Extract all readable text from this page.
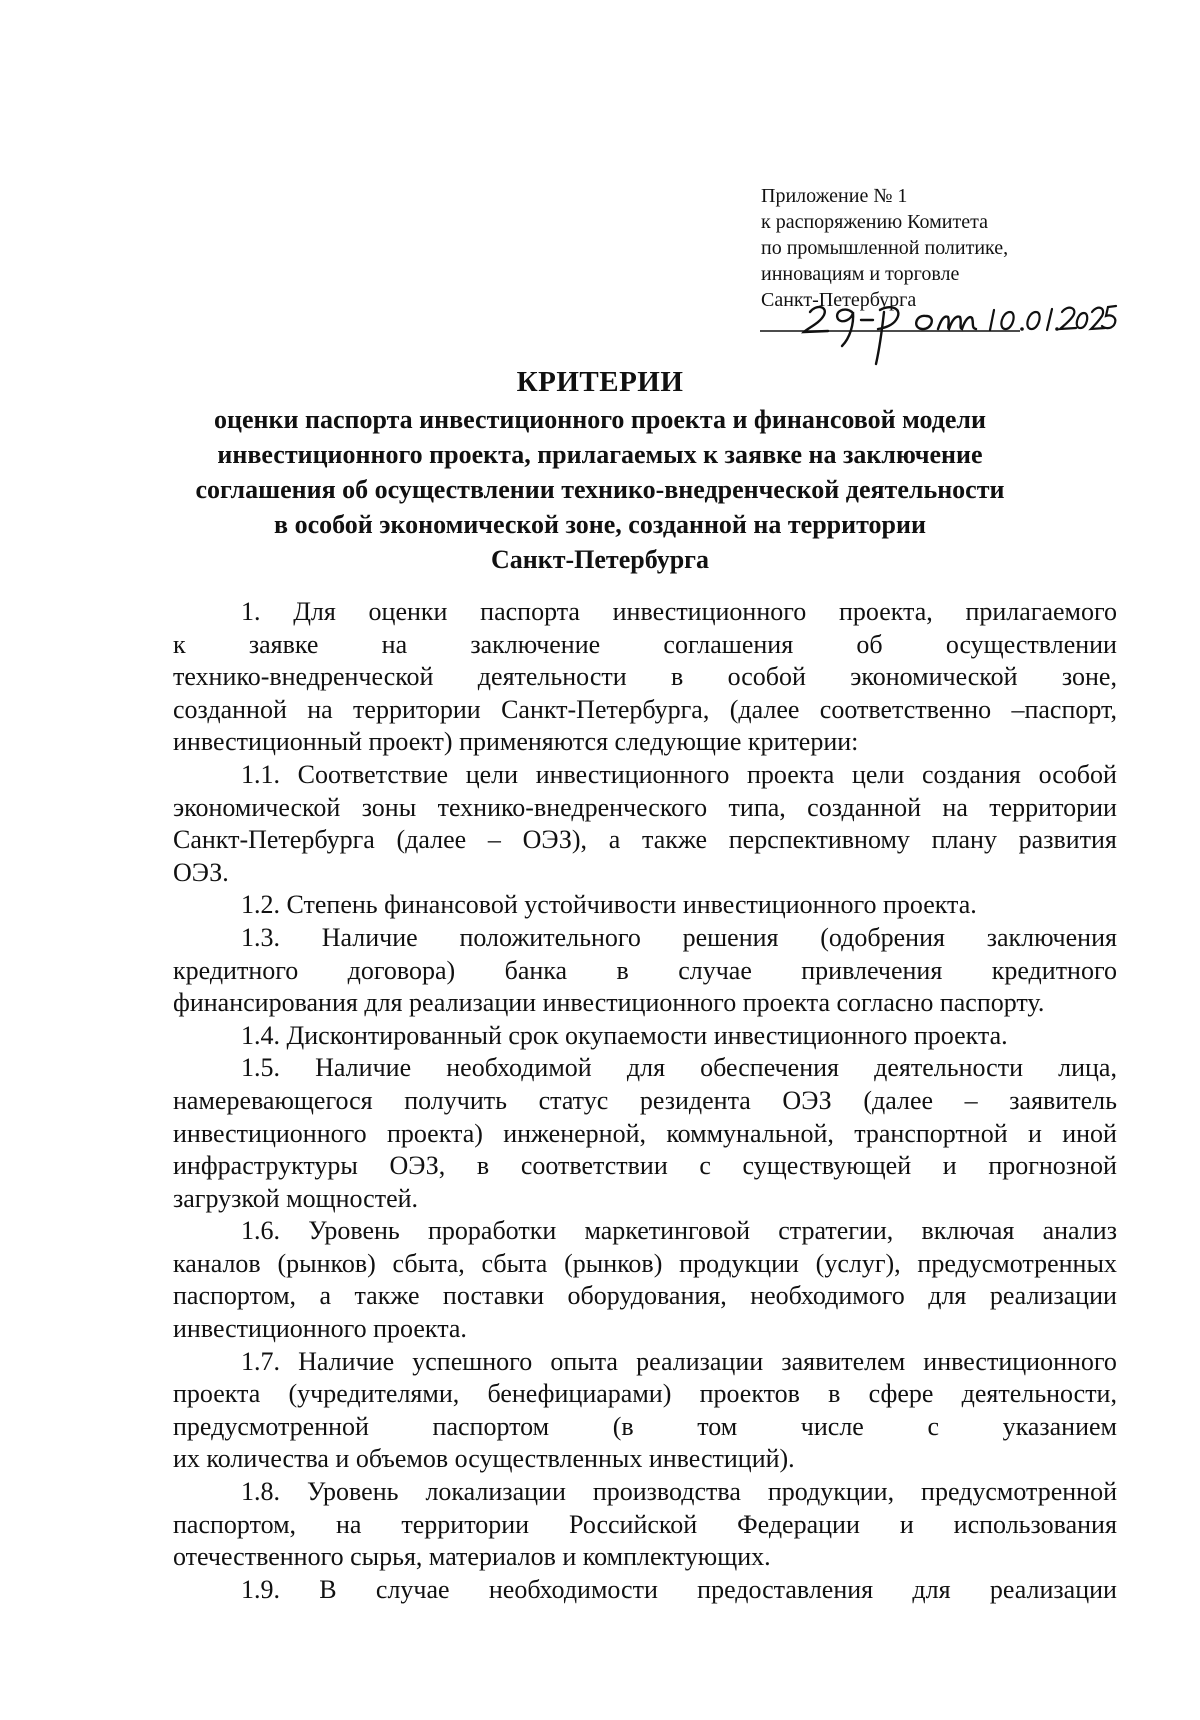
Приложение № 1
к распоряжению Комитета
по промышленной политике,
инновациям и торговле
Санкт-Петербурга
КРИТЕРИИ
оценки паспорта инвестиционного проекта и финансовой модели
инвестиционного проекта, прилагаемых к заявке на заключение
соглашения об осуществлении технико-внедренческой деятельности
в особой экономической зоне, созданной на территории
Санкт-Петербурга
1. Для оценки паспорта инвестиционного проекта, прилагаемого
к заявке на заключение соглашения об осуществлении
технико-внедренческой деятельности в особой экономической зоне,
созданной на территории Санкт-Петербурга, (далее соответственно –паспорт,
инвестиционный проект) применяются следующие критерии:
1.1. Соответствие цели инвестиционного проекта цели создания особой
экономической зоны технико-внедренческого типа, созданной на территории
Санкт-Петербурга (далее – ОЭЗ), а также перспективному плану развития
ОЭЗ.
1.2. Степень финансовой устойчивости инвестиционного проекта.
1.3. Наличие положительного решения (одобрения заключения
кредитного договора) банка в случае привлечения кредитного
финансирования для реализации инвестиционного проекта согласно паспорту.
1.4. Дисконтированный срок окупаемости инвестиционного проекта.
1.5. Наличие необходимой для обеспечения деятельности лица,
намеревающегося получить статус резидента ОЭЗ (далее – заявитель
инвестиционного проекта) инженерной, коммунальной, транспортной и иной
инфраструктуры ОЭЗ, в соответствии с существующей и прогнозной
загрузкой мощностей.
1.6. Уровень проработки маркетинговой стратегии, включая анализ
каналов (рынков) сбыта, сбыта (рынков) продукции (услуг), предусмотренных
паспортом, а также поставки оборудования, необходимого для реализации
инвестиционного проекта.
1.7. Наличие успешного опыта реализации заявителем инвестиционного
проекта (учредителями, бенефициарами) проектов в сфере деятельности,
предусмотренной паспортом (в том числе с указанием
их количества и объемов осуществленных инвестиций).
1.8. Уровень локализации производства продукции, предусмотренной
паспортом, на территории Российской Федерации и использования
отечественного сырья, материалов и комплектующих.
1.9. В случае необходимости предоставления для реализации
